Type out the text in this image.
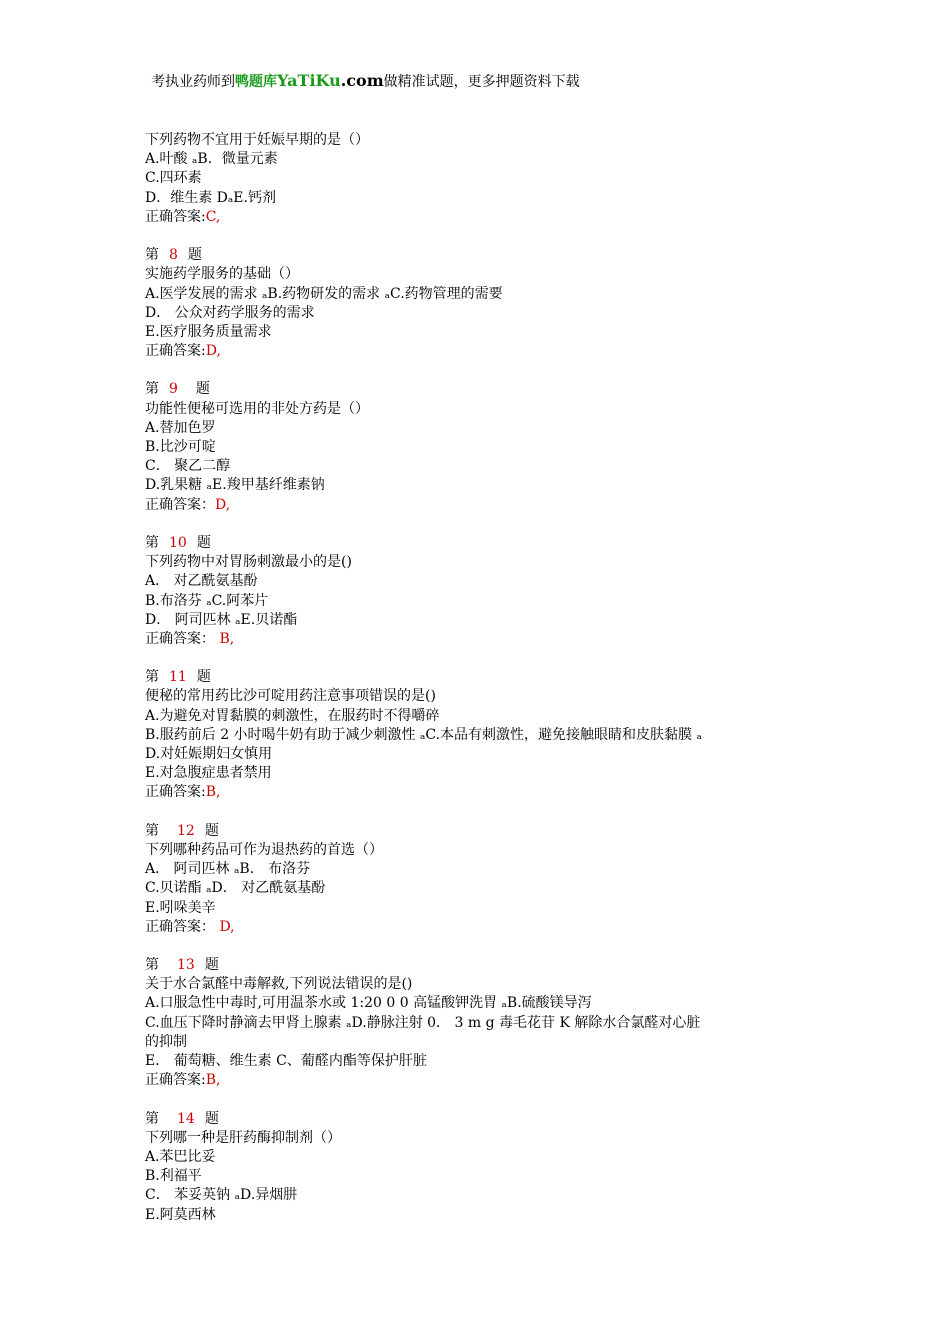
考执业药师到鸭题库YaTiKu.com做精准试题，更多押题资料下载
下列药物不宜用于妊娠早期的是（）
A.叶酸 ₐB．微量元素
C.四环素
D．维生素 DₐE.钙剂
正确答案:C,
第 8 题
实施药学服务的基础（）
A.医学发展的需求 ₐB.药物研发的需求 ₐC.药物管理的需要
D． 公众对药学服务的需求
E.医疗服务质量需求
正确答案:D,
第 9 题
功能性便秘可选用的非处方药是（）
A.替加色罗
B.比沙可啶
C． 聚乙二醇
D.乳果糖 ₐE.羧甲基纤维素钠
正确答案：D,
第 10 题
下列药物中对胃肠刺激最小的是()
A． 对乙酰氨基酚
B.布洛芬 ₐC.阿苯片
D． 阿司匹林 ₐE.贝诺酯
正确答案： B,
第 11 题
便秘的常用药比沙可啶用药注意事项错误的是()
A.为避免对胃黏膜的刺激性，在服药时不得嚼碎
B.服药前后 2 小时喝牛奶有助于减少刺激性 ₐC.本品有刺激性，避免接触眼睛和皮肤黏膜 ₐ
D.对妊娠期妇女慎用
E.对急腹症患者禁用
正确答案:B,
第 12 题
下列哪种药品可作为退热药的首选（）
A． 阿司匹林 ₐB． 布洛芬
C.贝诺酯 ₐD． 对乙酰氨基酚
E.吲哚美辛
正确答案： D,
第 13 题
关于水合氯醛中毒解救,下列说法错误的是()
A.口服急性中毒时,可用温茶水或 1:20 0 0 高锰酸钾洗胃 ₐB.硫酸镁导泻
C.血压下降时静滴去甲肾上腺素 ₐD.静脉注射 0． 3 m g 毒毛花苷 K 解除水合氯醛对心脏
的抑制
E． 葡萄糖、维生素 C、葡醛内酯等保护肝脏
正确答案:B,
第 14 题
下列哪一种是肝药酶抑制剂（）
A.苯巴比妥
B.利福平
C． 苯妥英钠 ₐD.异烟肼
E.阿莫西林
